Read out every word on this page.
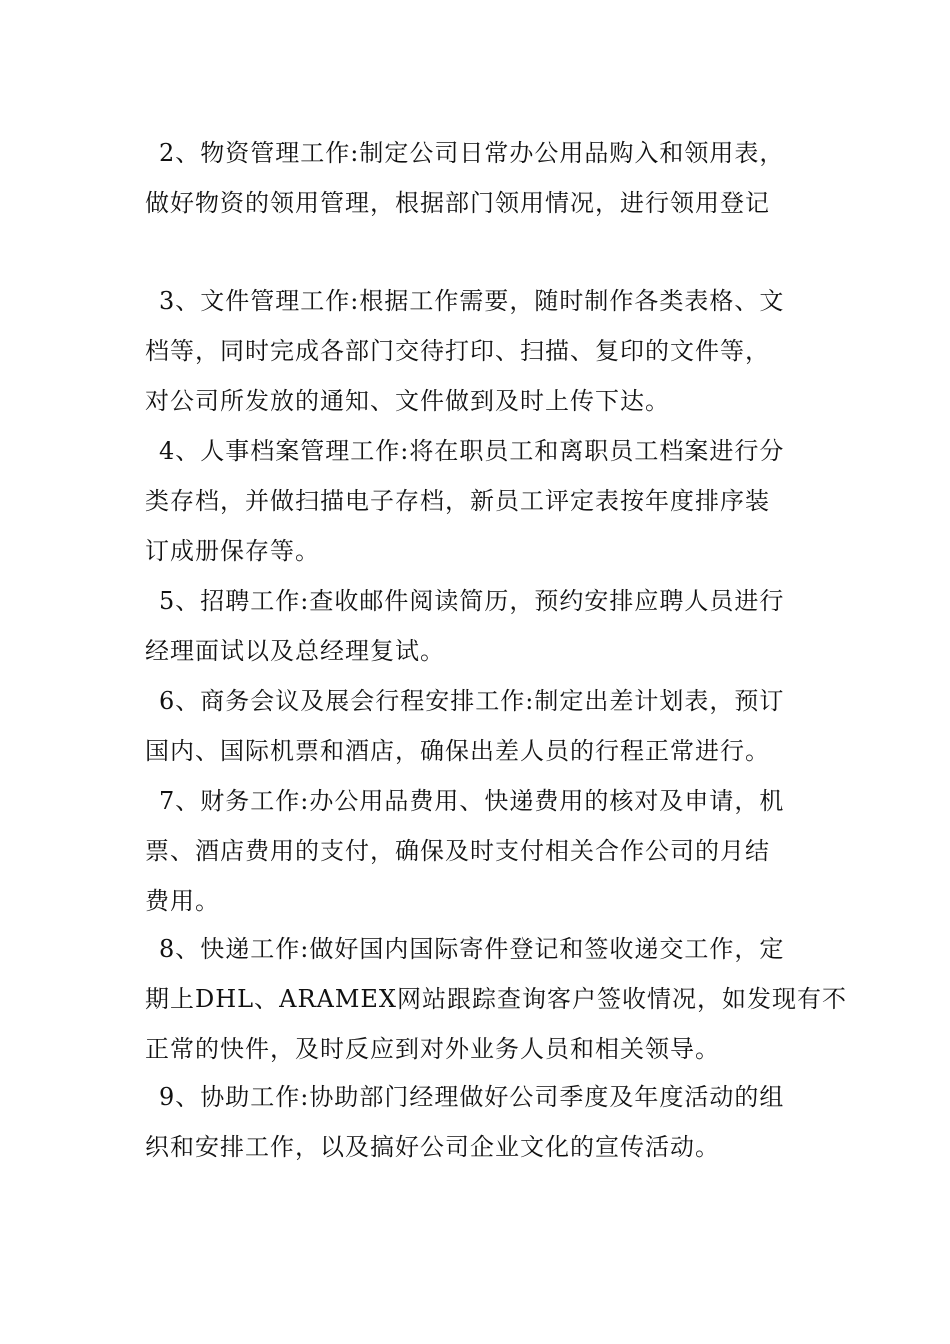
2、物资管理工作:制定公司日常办公用品购入和领用表，
做好物资的领用管理，根据部门领用情况，进行领用登记

3、文件管理工作:根据工作需要，随时制作各类表格、文
档等，同时完成各部门交待打印、扫描、复印的文件等，
对公司所发放的通知、文件做到及时上传下达。

4、人事档案管理工作:将在职员工和离职员工档案进行分
类存档，并做扫描电子存档，新员工评定表按年度排序装
订成册保存等。

5、招聘工作:查收邮件阅读简历，预约安排应聘人员进行
经理面试以及总经理复试。

6、商务会议及展会行程安排工作:制定出差计划表，预订
国内、国际机票和酒店，确保出差人员的行程正常进行。

7、财务工作:办公用品费用、快递费用的核对及申请，机
票、酒店费用的支付，确保及时支付相关合作公司的月结
费用。

8、快递工作:做好国内国际寄件登记和签收递交工作，定
期上DHL、ARAMEX网站跟踪查询客户签收情况，如发现有不
正常的快件，及时反应到对外业务人员和相关领导。

9、协助工作:协助部门经理做好公司季度及年度活动的组
织和安排工作，以及搞好公司企业文化的宣传活动。
